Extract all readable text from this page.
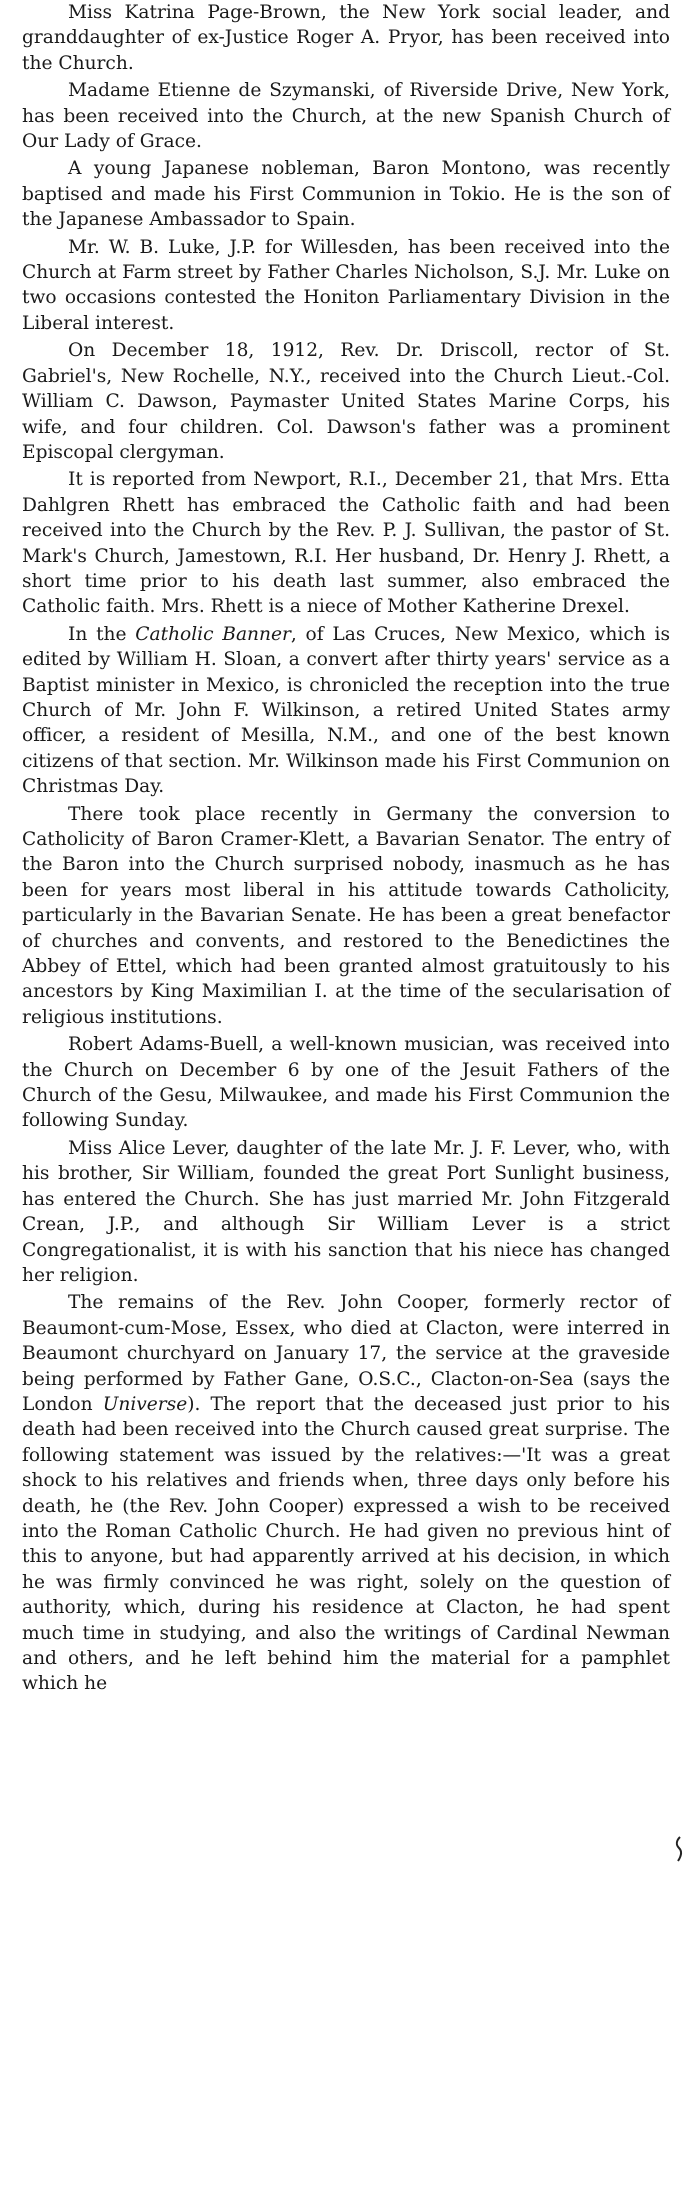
Miss Katrina Page-Brown, the New York social leader, and granddaughter of ex-Justice Roger A. Pryor, has been received into the Church.

Madame Etienne de Szymanski, of Riverside Drive, New York, has been received into the Church, at the new Spanish Church of Our Lady of Grace.

A young Japanese nobleman, Baron Montono, was recently baptised and made his First Communion in Tokio. He is the son of the Japanese Ambassador to Spain.

Mr. W. B. Luke, J.P. for Willesden, has been received into the Church at Farm street by Father Charles Nicholson, S.J. Mr. Luke on two occasions contested the Honiton Parliamentary Division in the Liberal interest.

On December 18, 1912, Rev. Dr. Driscoll, rector of St. Gabriel's, New Rochelle, N.Y., received into the Church Lieut.-Col. William C. Dawson, Paymaster United States Marine Corps, his wife, and four children. Col. Dawson's father was a prominent Episcopal clergyman.

It is reported from Newport, R.I., December 21, that Mrs. Etta Dahlgren Rhett has embraced the Catholic faith and had been received into the Church by the Rev. P. J. Sullivan, the pastor of St. Mark's Church, Jamestown, R.I. Her husband, Dr. Henry J. Rhett, a short time prior to his death last summer, also embraced the Catholic faith. Mrs. Rhett is a niece of Mother Katherine Drexel.

In the Catholic Banner, of Las Cruces, New Mexico, which is edited by William H. Sloan, a convert after thirty years' service as a Baptist minister in Mexico, is chronicled the reception into the true Church of Mr. John F. Wilkinson, a retired United States army officer, a resident of Mesilla, N.M., and one of the best known citizens of that section. Mr. Wilkinson made his First Communion on Christmas Day.

There took place recently in Germany the conversion to Catholicity of Baron Cramer-Klett, a Bavarian Senator. The entry of the Baron into the Church surprised nobody, inasmuch as he has been for years most liberal in his attitude towards Catholicity, particularly in the Bavarian Senate. He has been a great benefactor of churches and convents, and restored to the Benedictines the Abbey of Ettel, which had been granted almost gratuitously to his ancestors by King Maximilian I. at the time of the secularisation of religious institutions.

Robert Adams-Buell, a well-known musician, was received into the Church on December 6 by one of the Jesuit Fathers of the Church of the Gesu, Milwaukee, and made his First Communion the following Sunday.

Miss Alice Lever, daughter of the late Mr. J. F. Lever, who, with his brother, Sir William, founded the great Port Sunlight business, has entered the Church. She has just married Mr. John Fitzgerald Crean, J.P., and although Sir William Lever is a strict Congregationalist, it is with his sanction that his niece has changed her religion.

The remains of the Rev. John Cooper, formerly rector of Beaumont-cum-Mose, Essex, who died at Clacton, were interred in Beaumont churchyard on January 17, the service at the graveside being performed by Father Gane, O.S.C., Clacton-on-Sea (says the London Universe). The report that the deceased just prior to his death had been received into the Church caused great surprise. The following statement was issued by the relatives:—'It was a great shock to his relatives and friends when, three days only before his death, he (the Rev. John Cooper) expressed a wish to be received into the Roman Catholic Church. He had given no previous hint of this to anyone, but had apparently arrived at his decision, in which he was firmly convinced he was right, solely on the question of authority, which, during his residence at Clacton, he had spent much time in studying, and also the writings of Cardinal Newman and others, and he left behind him the material for a pamphlet which he
